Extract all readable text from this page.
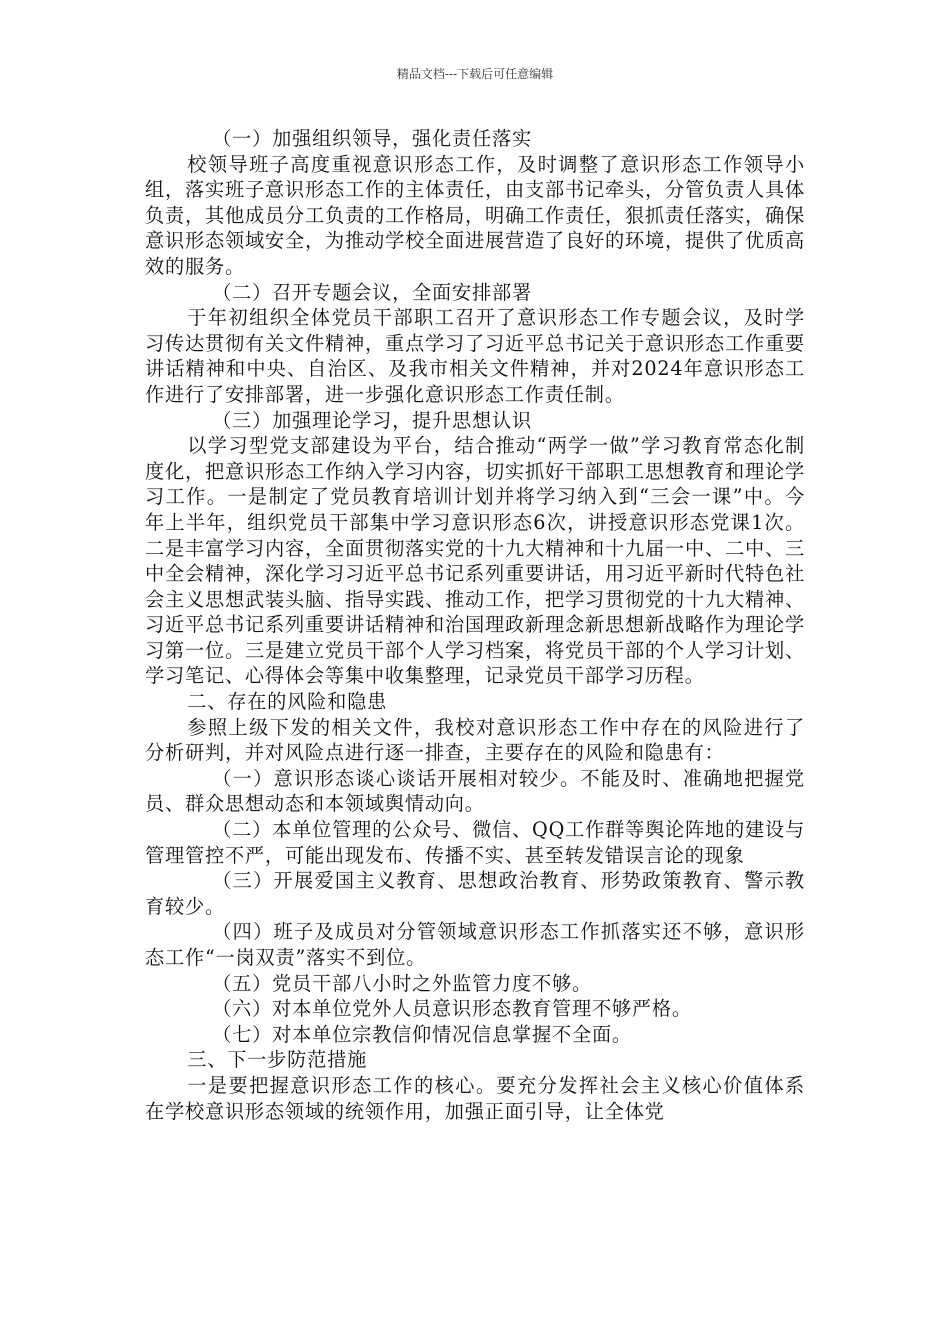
精品文档---下载后可任意编辑

（一）加强组织领导，强化责任落实

校领导班子高度重视意识形态工作，及时调整了意识形态工作领导小组，落实班子意识形态工作的主体责任，由支部书记牵头，分管负责人具体负责，其他成员分工负责的工作格局，明确工作责任，狠抓责任落实，确保意识形态领域安全，为推动学校全面进展营造了良好的环境，提供了优质高效的服务。

（二）召开专题会议，全面安排部署

于年初组织全体党员干部职工召开了意识形态工作专题会议，及时学习传达贯彻有关文件精神，重点学习了习近平总书记关于意识形态工作重要讲话精神和中央、自治区、及我市相关文件精神，并对2024年意识形态工作进行了安排部署，进一步强化意识形态工作责任制。

（三）加强理论学习，提升思想认识

以学习型党支部建设为平台，结合推动“两学一做”学习教育常态化制度化，把意识形态工作纳入学习内容，切实抓好干部职工思想教育和理论学习工作。一是制定了党员教育培训计划并将学习纳入到“三会一课”中。今年上半年，组织党员干部集中学习意识形态6次，讲授意识形态党课1次。二是丰富学习内容，全面贯彻落实党的十九大精神和十九届一中、二中、三中全会精神，深化学习习近平总书记系列重要讲话，用习近平新时代特色社会主义思想武装头脑、指导实践、推动工作，把学习贯彻党的十九大精神、习近平总书记系列重要讲话精神和治国理政新理念新思想新战略作为理论学习第一位。三是建立党员干部个人学习档案，将党员干部的个人学习计划、学习笔记、心得体会等集中收集整理，记录党员干部学习历程。

二、存在的风险和隐患

参照上级下发的相关文件，我校对意识形态工作中存在的风险进行了分析研判，并对风险点进行逐一排查，主要存在的风险和隐患有：

（一）意识形态谈心谈话开展相对较少。不能及时、准确地把握党员、群众思想动态和本领域舆情动向。

（二）本单位管理的公众号、微信、QQ工作群等舆论阵地的建设与管理管控不严，可能出现发布、传播不实、甚至转发错误言论的现象

（三）开展爱国主义教育、思想政治教育、形势政策教育、警示教育较少。

（四）班子及成员对分管领域意识形态工作抓落实还不够，意识形态工作“一岗双责”落实不到位。

（五）党员干部八小时之外监管力度不够。

（六）对本单位党外人员意识形态教育管理不够严格。

（七）对本单位宗教信仰情况信息掌握不全面。

三、下一步防范措施

一是要把握意识形态工作的核心。要充分发挥社会主义核心价值体系在学校意识形态领域的统领作用，加强正面引导，让全体党
